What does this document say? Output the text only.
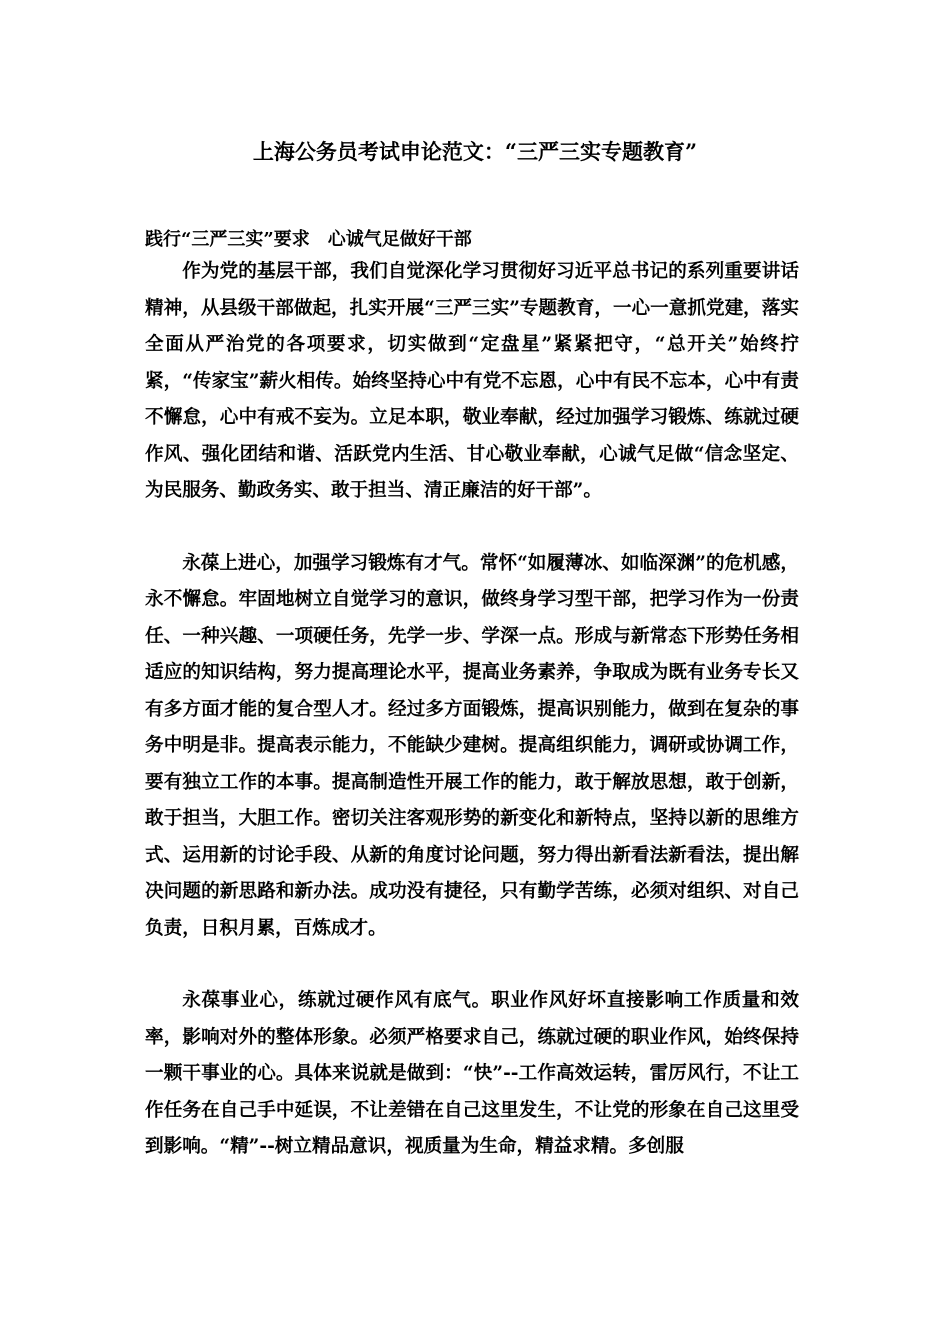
上海公务员考试申论范文：“三严三实专题教育”

践行“三严三实”要求　心诚气足做好干部

作为党的基层干部，我们自觉深化学习贯彻好习近平总书记的系列重要讲话精神，从县级干部做起，扎实开展“三严三实”专题教育，一心一意抓党建，落实全面从严治党的各项要求，切实做到“定盘星”紧紧把守，“总开关”始终拧紧，“传家宝”薪火相传。始终坚持心中有党不忘恩，心中有民不忘本，心中有责不懈怠，心中有戒不妄为。立足本职，敬业奉献，经过加强学习锻炼、练就过硬作风、强化团结和谐、活跃党内生活、甘心敬业奉献，心诚气足做“信念坚定、为民服务、勤政务实、敢于担当、清正廉洁的好干部”。

永葆上进心，加强学习锻炼有才气。常怀“如履薄冰、如临深渊”的危机感，永不懈怠。牢固地树立自觉学习的意识，做终身学习型干部，把学习作为一份责任、一种兴趣、一项硬任务，先学一步、学深一点。形成与新常态下形势任务相适应的知识结构，努力提高理论水平，提高业务素养，争取成为既有业务专长又有多方面才能的复合型人才。经过多方面锻炼，提高识别能力，做到在复杂的事务中明是非。提高表示能力，不能缺少建树。提高组织能力，调研或协调工作，要有独立工作的本事。提高制造性开展工作的能力，敢于解放思想，敢于创新，敢于担当，大胆工作。密切关注客观形势的新变化和新特点，坚持以新的思维方式、运用新的讨论手段、从新的角度讨论问题，努力得出新看法新看法，提出解决问题的新思路和新办法。成功没有捷径，只有勤学苦练，必须对组织、对自己负责，日积月累，百炼成才。

永葆事业心，练就过硬作风有底气。职业作风好坏直接影响工作质量和效率，影响对外的整体形象。必须严格要求自己，练就过硬的职业作风，始终保持一颗干事业的心。具体来说就是做到：“快”--工作高效运转，雷厉风行，不让工作任务在自己手中延误，不让差错在自己这里发生，不让党的形象在自己这里受到影响。“精”--树立精品意识，视质量为生命，精益求精。多创服
